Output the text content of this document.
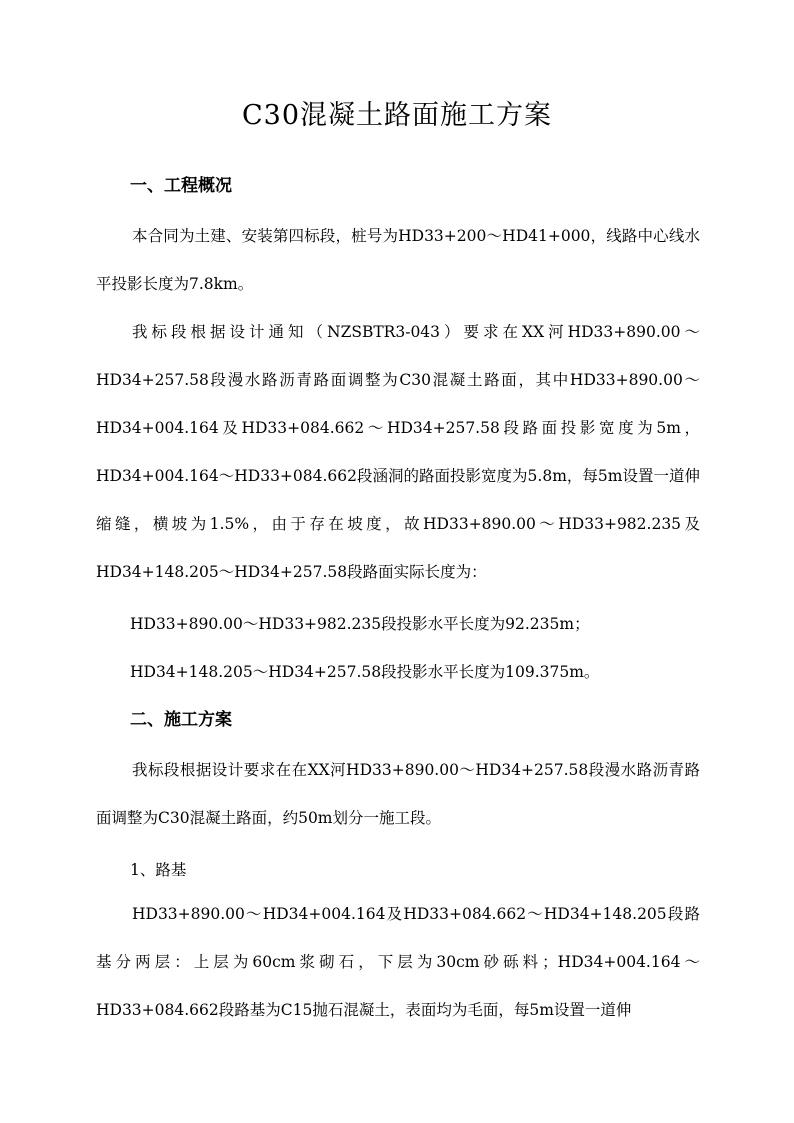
C30混凝土路面施工方案
一、工程概况

本合同为土建、安装第四标段，桩号为HD33+200～HD41+000，线路中心线水平投影长度为7.8km。

我标段根据设计通知（NZSBTR3-043）要求在XX河HD33+890.00～HD34+257.58段漫水路沥青路面调整为C30混凝土路面，其中HD33+890.00～HD34+004.164及HD33+084.662～HD34+257.58段路面投影宽度为5m，HD34+004.164～HD33+084.662段涵洞的路面投影宽度为5.8m，每5m设置一道伸缩缝，横坡为1.5%，由于存在坡度，故HD33+890.00～HD33+982.235及HD34+148.205～HD34+257.58段路面实际长度为：

HD33+890.00～HD33+982.235段投影水平长度为92.235m；
HD34+148.205～HD34+257.58段投影水平长度为109.375m。
二、施工方案

我标段根据设计要求在在XX河HD33+890.00～HD34+257.58段漫水路沥青路面调整为C30混凝土路面，约50m划分一施工段。

1、路基

HD33+890.00～HD34+004.164及HD33+084.662～HD34+148.205段路基分两层：上层为60cm浆砌石，下层为30cm砂砾料；HD34+004.164～HD33+084.662段路基为C15抛石混凝土，表面均为毛面，每5m设置一道伸
